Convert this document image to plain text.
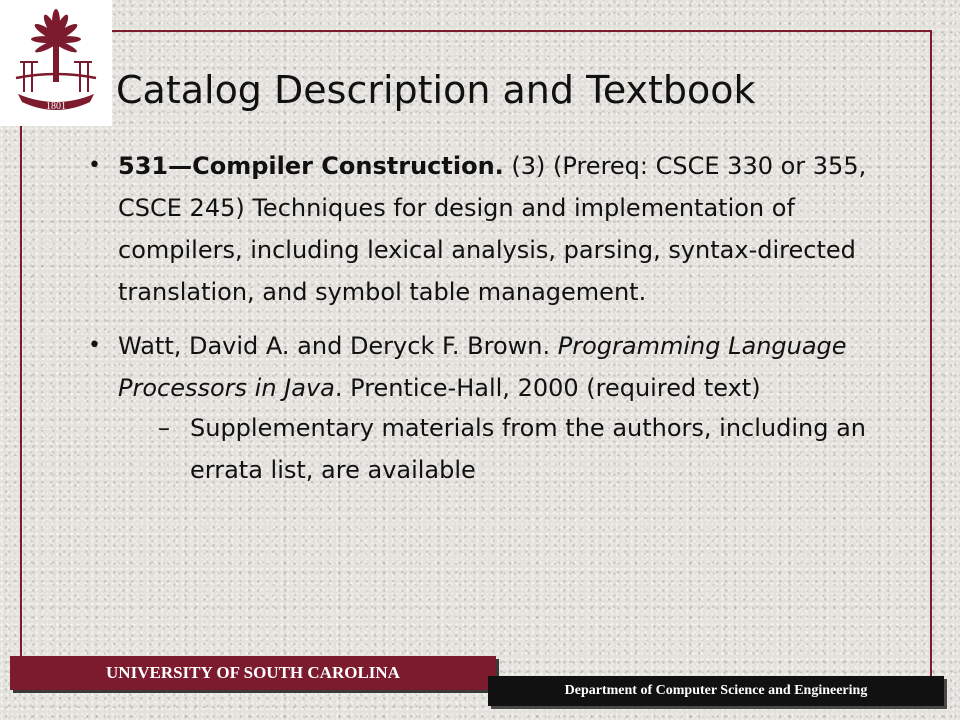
1801 Catalog Description and Textbook
• 531—Compiler Construction. (3) (Prereq: CSCE 330 or 355, CSCE 245) Techniques for design and implementation of compilers, including lexical analysis, parsing, syntax-directed translation, and symbol table management.
• Watt, David A. and Deryck F. Brown. Programming Language Processors in Java. Prentice-Hall, 2000 (required text)
– Supplementary materials from the authors, including an errata list, are available
UNIVERSITY OF SOUTH CAROLINA
Department of Computer Science and Engineering
